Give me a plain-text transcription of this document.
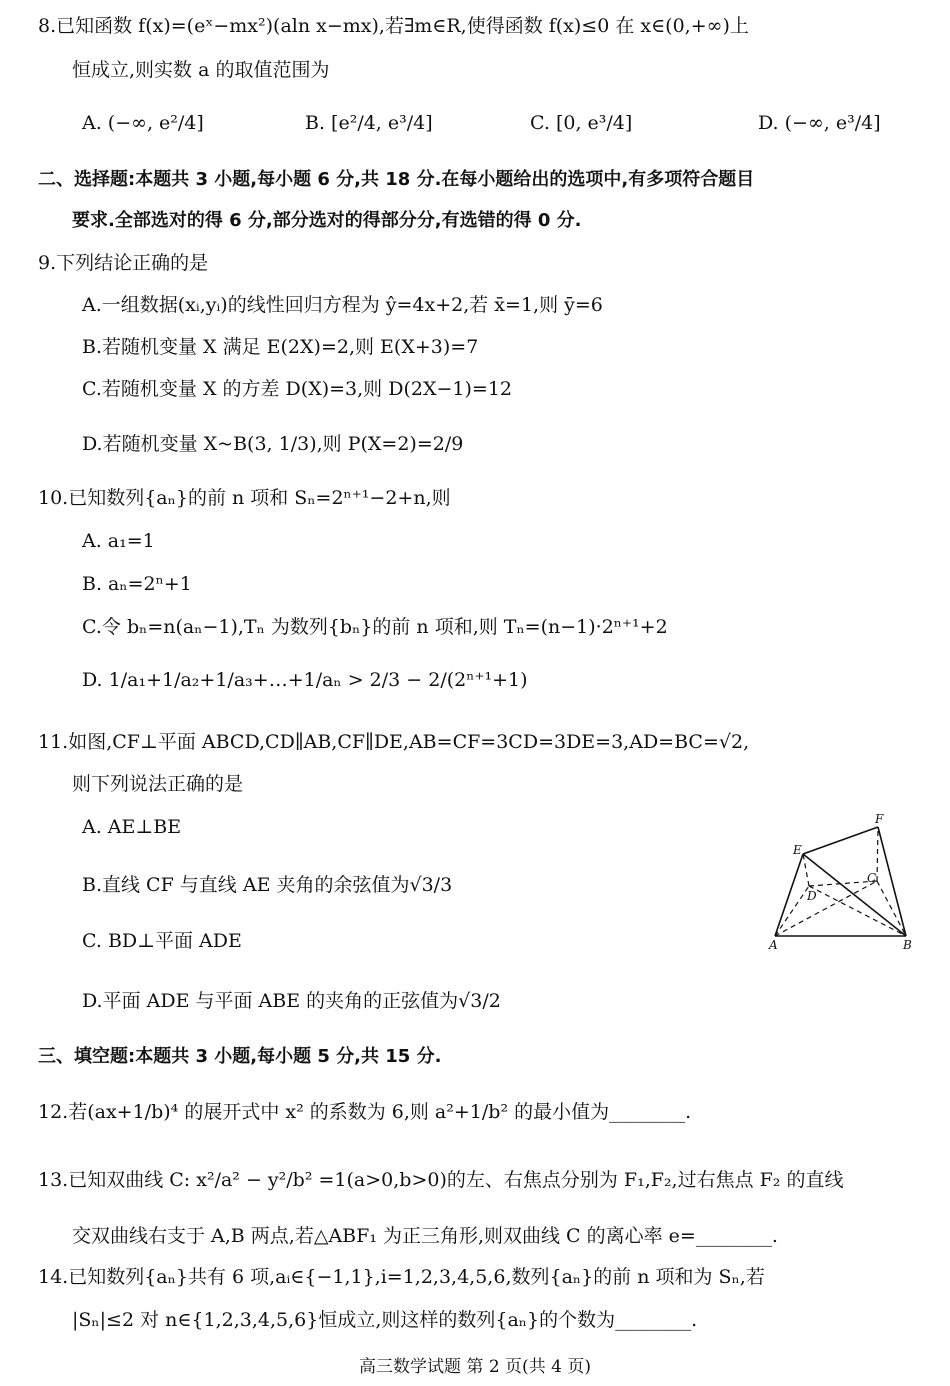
8.已知函数 f(x)=(eˣ−mx²)(aln x−mx),若∃m∈R,使得函数 f(x)≤0 在 x∈(0,+∞)上
恒成立,则实数 a 的取值范围为
A. (−∞, e²/4]	B. [e²/4, e³/4]	C. [0, e³/4]	D. (−∞, e³/4]
二、选择题:本题共 3 小题,每小题 6 分,共 18 分.在每小题给出的选项中,有多项符合题目
要求.全部选对的得 6 分,部分选对的得部分分,有选错的得 0 分.
9.下列结论正确的是
A.一组数据(xᵢ,yᵢ)的线性回归方程为 ŷ=4x+2,若 x̄=1,则 ȳ=6
B.若随机变量 X 满足 E(2X)=2,则 E(X+3)=7
C.若随机变量 X 的方差 D(X)=3,则 D(2X−1)=12
D.若随机变量 X~B(3, 1/3),则 P(X=2)=2/9
10.已知数列{aₙ}的前 n 项和 Sₙ=2ⁿ⁺¹−2+n,则
A. a₁=1
B. aₙ=2ⁿ+1
C.令 bₙ=n(aₙ−1),Tₙ 为数列{bₙ}的前 n 项和,则 Tₙ=(n−1)·2ⁿ⁺¹+2
D. 1/a₁+1/a₂+1/a₃+…+1/aₙ > 2/3 − 2/(2ⁿ⁺¹+1)
11.如图,CF⊥平面 ABCD,CD∥AB,CF∥DE,AB=CF=3CD=3DE=3,AD=BC=√2,
则下列说法正确的是
A. AE⊥BE
B.直线 CF 与直线 AE 夹角的余弦值为√3/3
C. BD⊥平面 ADE
D.平面 ADE 与平面 ABE 的夹角的正弦值为√3/2
E
F
C
D
A	B
三、填空题:本题共 3 小题,每小题 5 分,共 15 分.
12.若(ax+1/b)⁴ 的展开式中 x² 的系数为 6,则 a²+1/b² 的最小值为________.
13.已知双曲线 C: x²/a² − y²/b² =1(a>0,b>0)的左、右焦点分别为 F₁,F₂,过右焦点 F₂ 的直线
交双曲线右支于 A,B 两点,若△ABF₁ 为正三角形,则双曲线 C 的离心率 e=________.
14.已知数列{aₙ}共有 6 项,aᵢ∈{−1,1},i=1,2,3,4,5,6,数列{aₙ}的前 n 项和为 Sₙ,若
|Sₙ|≤2 对 n∈{1,2,3,4,5,6}恒成立,则这样的数列{aₙ}的个数为________.
高三数学试题 第 2 页(共 4 页)
